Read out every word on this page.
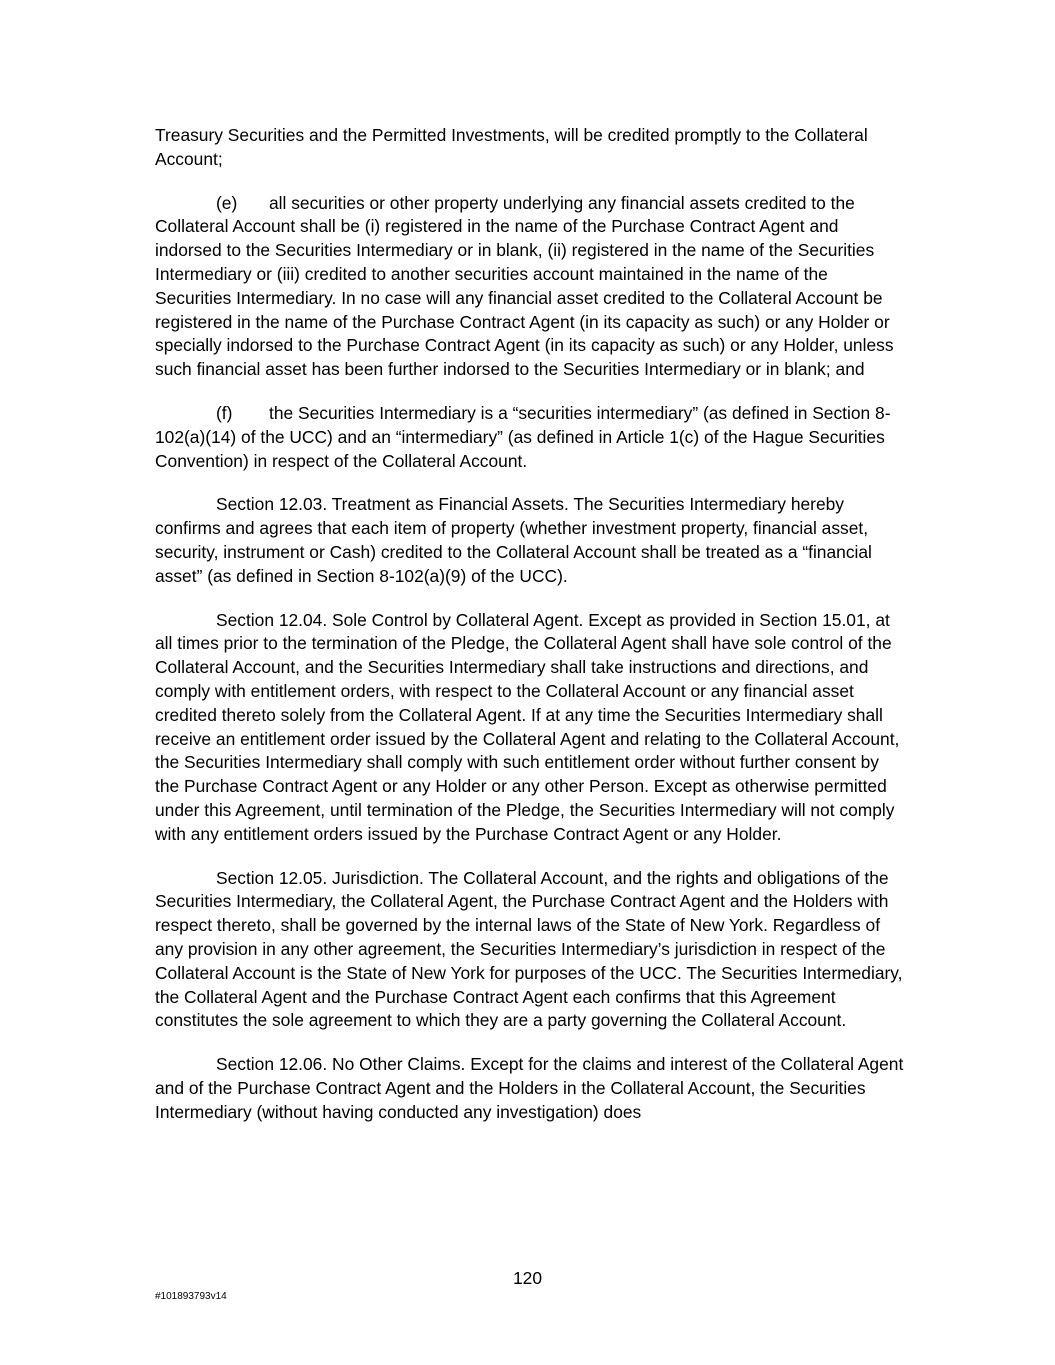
Treasury Securities and the Permitted Investments, will be credited promptly to the Collateral Account;

(e) all securities or other property underlying any financial assets credited to the Collateral Account shall be (i) registered in the name of the Purchase Contract Agent and indorsed to the Securities Intermediary or in blank, (ii) registered in the name of the Securities Intermediary or (iii) credited to another securities account maintained in the name of the Securities Intermediary. In no case will any financial asset credited to the Collateral Account be registered in the name of the Purchase Contract Agent (in its capacity as such) or any Holder or specially indorsed to the Purchase Contract Agent (in its capacity as such) or any Holder, unless such financial asset has been further indorsed to the Securities Intermediary or in blank; and

(f) the Securities Intermediary is a “securities intermediary” (as defined in Section 8-102(a)(14) of the UCC) and an “intermediary” (as defined in Article 1(c) of the Hague Securities Convention) in respect of the Collateral Account.

Section 12.03. Treatment as Financial Assets. The Securities Intermediary hereby confirms and agrees that each item of property (whether investment property, financial asset, security, instrument or Cash) credited to the Collateral Account shall be treated as a “financial asset” (as defined in Section 8-102(a)(9) of the UCC).

Section 12.04. Sole Control by Collateral Agent. Except as provided in Section 15.01, at all times prior to the termination of the Pledge, the Collateral Agent shall have sole control of the Collateral Account, and the Securities Intermediary shall take instructions and directions, and comply with entitlement orders, with respect to the Collateral Account or any financial asset credited thereto solely from the Collateral Agent. If at any time the Securities Intermediary shall receive an entitlement order issued by the Collateral Agent and relating to the Collateral Account, the Securities Intermediary shall comply with such entitlement order without further consent by the Purchase Contract Agent or any Holder or any other Person. Except as otherwise permitted under this Agreement, until termination of the Pledge, the Securities Intermediary will not comply with any entitlement orders issued by the Purchase Contract Agent or any Holder.

Section 12.05. Jurisdiction. The Collateral Account, and the rights and obligations of the Securities Intermediary, the Collateral Agent, the Purchase Contract Agent and the Holders with respect thereto, shall be governed by the internal laws of the State of New York. Regardless of any provision in any other agreement, the Securities Intermediary’s jurisdiction in respect of the Collateral Account is the State of New York for purposes of the UCC. The Securities Intermediary, the Collateral Agent and the Purchase Contract Agent each confirms that this Agreement constitutes the sole agreement to which they are a party governing the Collateral Account.

Section 12.06. No Other Claims. Except for the claims and interest of the Collateral Agent and of the Purchase Contract Agent and the Holders in the Collateral Account, the Securities Intermediary (without having conducted any investigation) does

120
#101893793v14
